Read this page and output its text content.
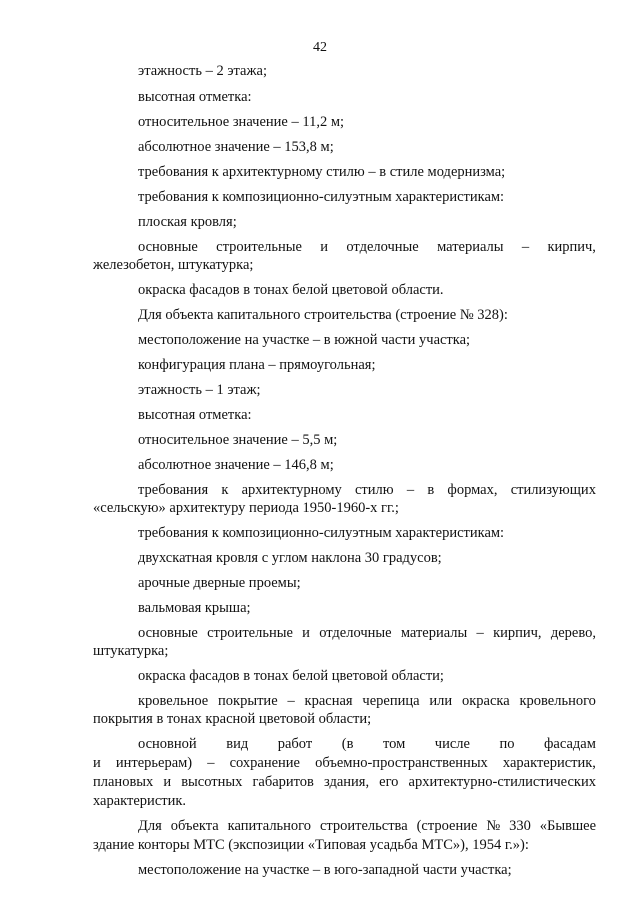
42
этажность – 2 этажа;
высотная отметка:
относительное значение – 11,2 м;
абсолютное значение – 153,8 м;
требования к архитектурному стилю – в стиле модернизма;
требования к композиционно-силуэтным характеристикам:
плоская кровля;
основные строительные и отделочные материалы – кирпич,
железобетон, штукатурка;
окраска фасадов в тонах белой цветовой области.
Для объекта капитального строительства (строение № 328):
местоположение на участке – в южной части участка;
конфигурация плана – прямоугольная;
этажность – 1 этаж;
высотная отметка:
относительное значение – 5,5 м;
абсолютное значение – 146,8 м;
требования к архитектурному стилю – в формах, стилизующих
«сельскую» архитектуру периода 1950-1960-х гг.;
требования к композиционно-силуэтным характеристикам:
двухскатная кровля с углом наклона 30 градусов;
арочные дверные проемы;
вальмовая крыша;
основные строительные и отделочные материалы – кирпич, дерево,
штукатурка;
окраска фасадов в тонах белой цветовой области;
кровельное покрытие – красная черепица или окраска кровельного
покрытия в тонах красной цветовой области;
основной вид работ (в том числе по фасадам
и интерьерам) – сохранение объемно-пространственных характеристик,
плановых и высотных габаритов здания, его архитектурно-стилистических
характеристик.
Для объекта капитального строительства (строение № 330 «Бывшее
здание конторы МТС (экспозиции «Типовая усадьба МТС»), 1954 г.»):
местоположение на участке – в юго-западной части участка;
